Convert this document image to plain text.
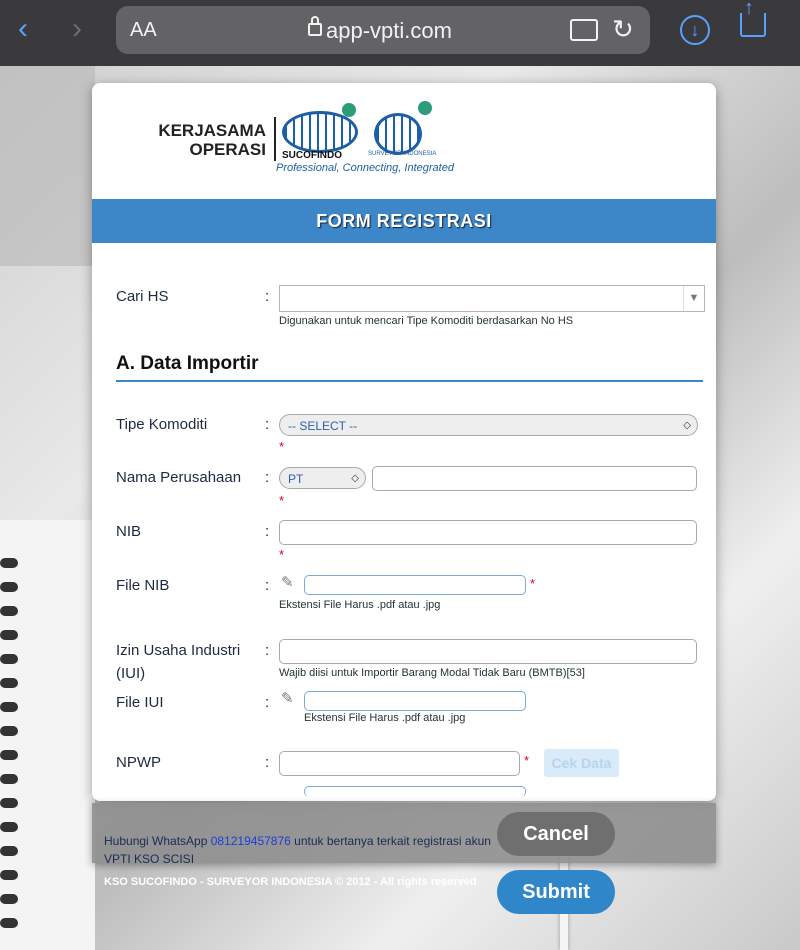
‹ › AA	app-vpti.com	↻	↓
↑
KERJASAMA
OPERASI SUCOFINDO	SURVEYOR INDONESIA
Professional, Connecting, Integrated
FORM REGISTRASI
Cari HS	:	▼
Digunakan untuk mencari Tipe Komoditi berdasarkan No HS
A. Data Importir
Tipe Komoditi	:	-- SELECT --	◇
*
Nama Perusahaan :	PT	◇
*
NIB	:
*
File NIB	: ✎	*
Ekstensi File Harus .pdf atau .jpg
Izin Usaha Industri
(IUI)
:
Wajib diisi untuk Importir Barang Modal Tidak Baru (BMTB)[53]
File IUI	: ✎
Ekstensi File Harus .pdf atau .jpg
NPWP	:	*	Cek Data
Hubungi WhatsApp 081219457876 untuk bertanya terkait registrasi akun VPTI KSO SCISI
KSO SUCOFINDO - SURVEYOR INDONESIA © 2012 - All rights reserved
Cancel
Submit
